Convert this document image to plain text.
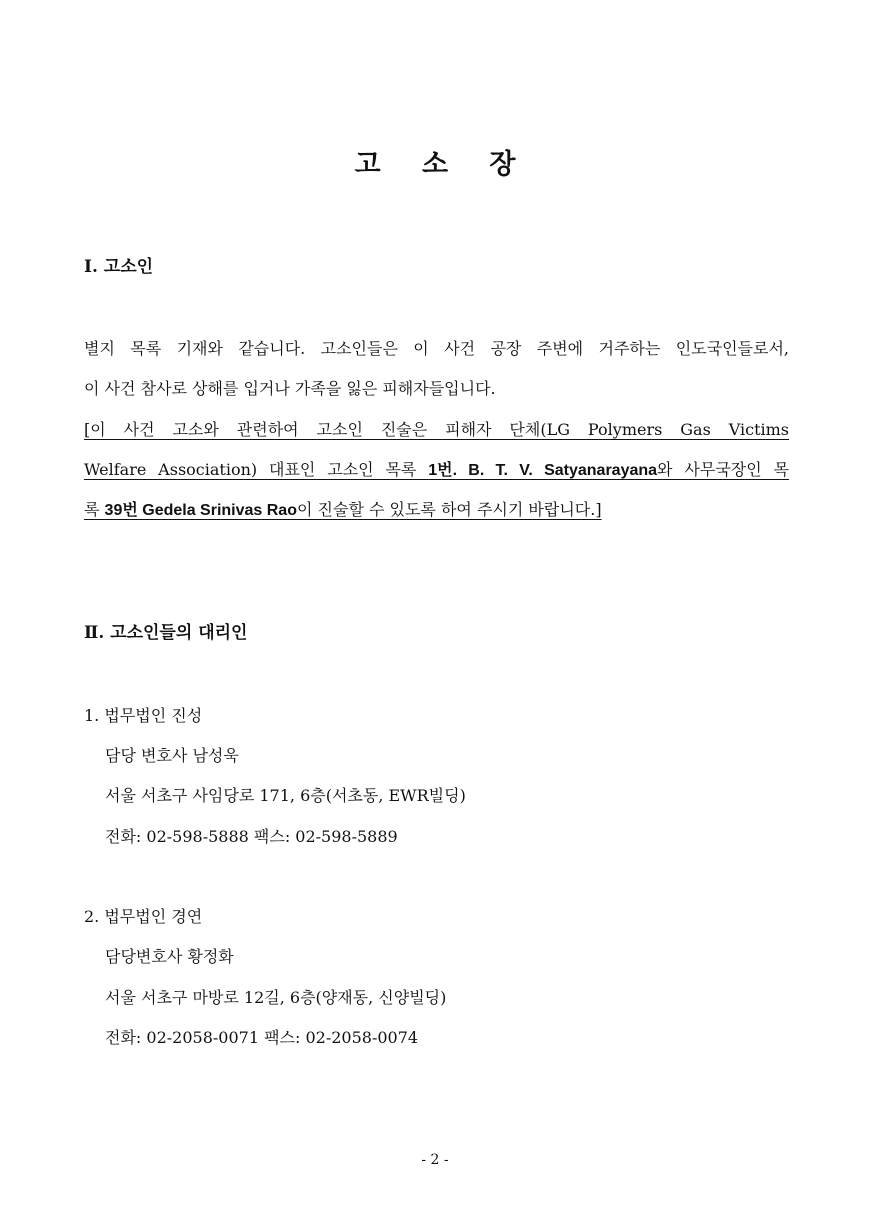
고 소 장
Ⅰ. 고소인
별지 목록 기재와 같습니다. 고소인들은 이 사건 공장 주변에 거주하는 인도국인들로서,
이 사건 참사로 상해를 입거나 가족을 잃은 피해자들입니다.
[이 사건 고소와 관련하여 고소인 진술은 피해자 단체(LG Polymers Gas Victims
Welfare Association) 대표인 고소인 목록 1번. B. T. V. Satyanarayana와 사무국장인 목
록 39번 Gedela Srinivas Rao이 진술할 수 있도록 하여 주시기 바랍니다.]
Ⅱ. 고소인들의 대리인
1. 법무법인 진성
담당 변호사 남성욱
서울 서초구 사임당로 171, 6층(서초동, EWR빌딩)
전화: 02-598-5888 팩스: 02-598-5889
2. 법무법인 경연
담당변호사 황정화
서울 서초구 마방로 12길, 6층(양재동, 신양빌딩)
전화: 02-2058-0071 팩스: 02-2058-0074
- 2 -
